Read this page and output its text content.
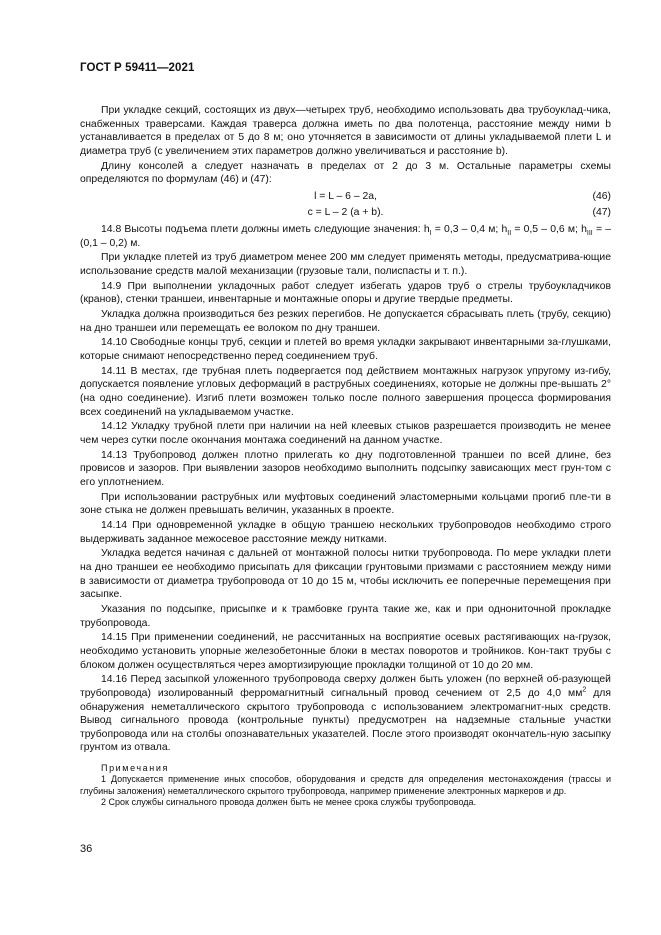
ГОСТ Р 59411—2021

При укладке секций, состоящих из двух—четырех труб, необходимо использовать два трубоуклад-чика, снабженных траверсами. Каждая траверса должна иметь по два полотенца, расстояние между ними b устанавливается в пределах от 5 до 8 м; оно уточняется в зависимости от длины укладываемой плети L и диаметра труб (с увеличением этих параметров должно увеличиваться и расстояние b).

Длину консолей a следует назначать в пределах от 2 до 3 м. Остальные параметры схемы определяются по формулам (46) и (47):

l = L – 6 – 2a,	(46)
c = L – 2 (a + b).	(47)

14.8 Высоты подъема плети должны иметь следующие значения: $h_I = 0,3 - 0,4$ м; $h_{II} = 0,5 - 0,6$ м; $h_{III} = -(0,1 - 0,2)$ м.

При укладке плетей из труб диаметром менее 200 мм следует применять методы, предусматрива-ющие использование средств малой механизации (грузовые тали, полиспасты и т. п.).

14.9 При выполнении укладочных работ следует избегать ударов труб о стрелы трубоукладчиков (кранов), стенки траншеи, инвентарные и монтажные опоры и другие твердые предметы.

Укладка должна производиться без резких перегибов. Не допускается сбрасывать плеть (трубу, секцию) на дно траншеи или перемещать ее волоком по дну траншеи.

14.10 Свободные концы труб, секции и плетей во время укладки закрывают инвентарными за-глушками, которые снимают непосредственно перед соединением труб.

14.11 В местах, где трубная плеть подвергается под действием монтажных нагрузок упругому из-гибу, допускается появление угловых деформаций в раструбных соединениях, которые не должны пре-вышать 2° (на одно соединение). Изгиб плети возможен только после полного завершения процесса формирования всех соединений на укладываемом участке.

14.12 Укладку трубной плети при наличии на ней клеевых стыков разрешается производить не менее чем через сутки после окончания монтажа соединений на данном участке.

14.13 Трубопровод должен плотно прилегать ко дну подготовленной траншеи по всей длине, без провисов и зазоров. При выявлении зазоров необходимо выполнить подсыпку зависающих мест грун-том с его уплотнением.

При использовании раструбных или муфтовых соединений эластомерными кольцами прогиб пле-ти в зоне стыка не должен превышать величин, указанных в проекте.

14.14 При одновременной укладке в общую траншею нескольких трубопроводов необходимо строго выдерживать заданное межосевое расстояние между нитками.

Укладка ведется начиная с дальней от монтажной полосы нитки трубопровода. По мере укладки плети на дно траншеи ее необходимо присыпать для фиксации грунтовыми призмами с расстоянием между ними в зависимости от диаметра трубопровода от 10 до 15 м, чтобы исключить ее поперечные перемещения при засыпке.

Указания по подсыпке, присыпке и к трамбовке грунта такие же, как и при однониточной прокладке трубопровода.

14.15 При применении соединений, не рассчитанных на восприятие осевых растягивающих на-грузок, необходимо установить упорные железобетонные блоки в местах поворотов и тройников. Кон-такт трубы с блоком должен осуществляться через амортизирующие прокладки толщиной от 10 до 20 мм.

14.16 Перед засыпкой уложенного трубопровода сверху должен быть уложен (по верхней об-разующей трубопровода) изолированный ферромагнитный сигнальный провод сечением от 2,5 до 4,0 $мм^2$ для обнаружения неметаллического скрытого трубопровода с использованием электромагнит-ных средств. Вывод сигнального провода (контрольные пункты) предусмотрен на надземные стальные участки трубопровода или на столбы опознавательных указателей. После этого производят окончатель-ную засыпку грунтом из отвала.

Примечания

1 Допускается применение иных способов, оборудования и средств для определения местонахождения (трассы и глубины заложения) неметаллического скрытого трубопровода, например применение электронных маркеров и др.

2 Срок службы сигнального провода должен быть не менее срока службы трубопровода.

36
